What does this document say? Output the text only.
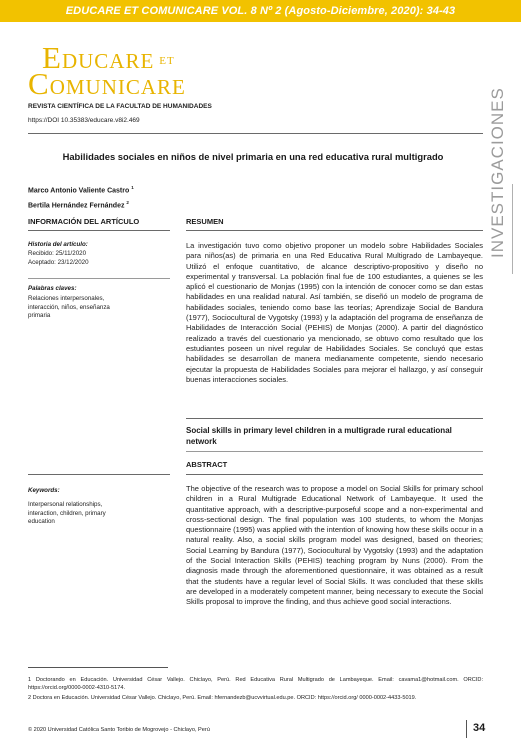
EDUCARE ET COMUNICARE VOL. 8 Nº 2 (Agosto-Diciembre, 2020): 34-43
EDUCARE ET
COMUNICARE
REVISTA CIENTÍFICA DE LA FACULTAD DE HUMANIDADES
https://DOI 10.35383/educare.v8i2.469	INVESTIGACIONES
Habilidades sociales en niños de nivel primaria en una red educativa rural multigrado
Marco Antonio Valiente Castro $^1$
Bertila Hernández Fernández $^2$
INFORMACIÓN DEL ARTÍCULO
Historia del artículo:
Recibido: 25/11/2020
Aceptado: 23/12/2020
Palabras claves:
Relaciones interpersonales,
interacción, niños, enseñanza
primaria
RESUMEN
La investigación tuvo como objetivo proponer un modelo sobre Habilidades Sociales para niños(as) de primaria en una Red Educativa Rural Multigrado de Lambayeque. Utilizó el enfoque cuantitativo, de alcance descriptivo-propositivo y diseño no experimental y transversal. La población final fue de 100 estudiantes, a quienes se les aplicó el cuestionario de Monjas (1995) con la intención de conocer como se dan estas habilidades en una realidad natural. Así también, se diseñó un modelo de programa de habilidades sociales, teniendo como base las teorías; Aprendizaje Social de Bandura (1977), Sociocultural de Vygotsky (1993) y la adaptación del programa de enseñanza de Habilidades de Interacción Social (PEHIS) de Monjas (2000). A partir del diagnóstico realizado a través del cuestionario ya mencionado, se obtuvo como resultado que los estudiantes poseen un nivel regular de Habilidades Sociales. Se concluyó que estas habilidades se desarrollan de manera medianamente competente, siendo necesario ejecutar la propuesta de Habilidades Sociales para mejorar el hallazgo, y así conseguir buenas interacciones sociales.
Social skills in primary level children in a multigrade rural educational network
ABSTRACT
The objective of the research was to propose a model on Social Skills for primary school children in a Rural Multigrade Educational Network of Lambayeque. It used the quantitative approach, with a descriptive-purposeful scope and a non-experimental and cross-sectional design. The final population was 100 students, to whom the Monjas questionnaire (1995) was applied with the intention of knowing how these skills occur in a natural reality. Also, a social skills program model was designed, based on theories; Social Learning by Bandura (1977), Sociocultural by Vygotsky (1993) and the adaptation of the Social Interaction Skills (PEHIS) teaching program by Nuns (2000). From the diagnosis made through the aforementioned questionnaire, it was obtained as a result that the students have a regular level of Social Skills. It was concluded that these skills are developed in a moderately competent manner, being necessary to execute the Social Skills proposal to improve the finding, and thus achieve good social interactions.
Keywords:
Interpersonal relationships,
interaction, children, primary
education
1 Doctorando en Educación. Universidad César Vallejo. Chiclayo, Perú. Red Educativa Rural Multigrado de Lambayeque. Email: cavama1@hotmail.com. ORCID: https://orcid.org/0000-0002-4310-5174.
2 Doctora en Educación. Universidad César Vallejo. Chiclayo, Perú. Email: hfernandezb@ucvvirtual.edu.pe. ORCID: https://orcid.org/ 0000-0002-4433-5019.
© 2020 Universidad Católica Santo Toribio de Mogrovejo - Chiclayo, Perú	34
